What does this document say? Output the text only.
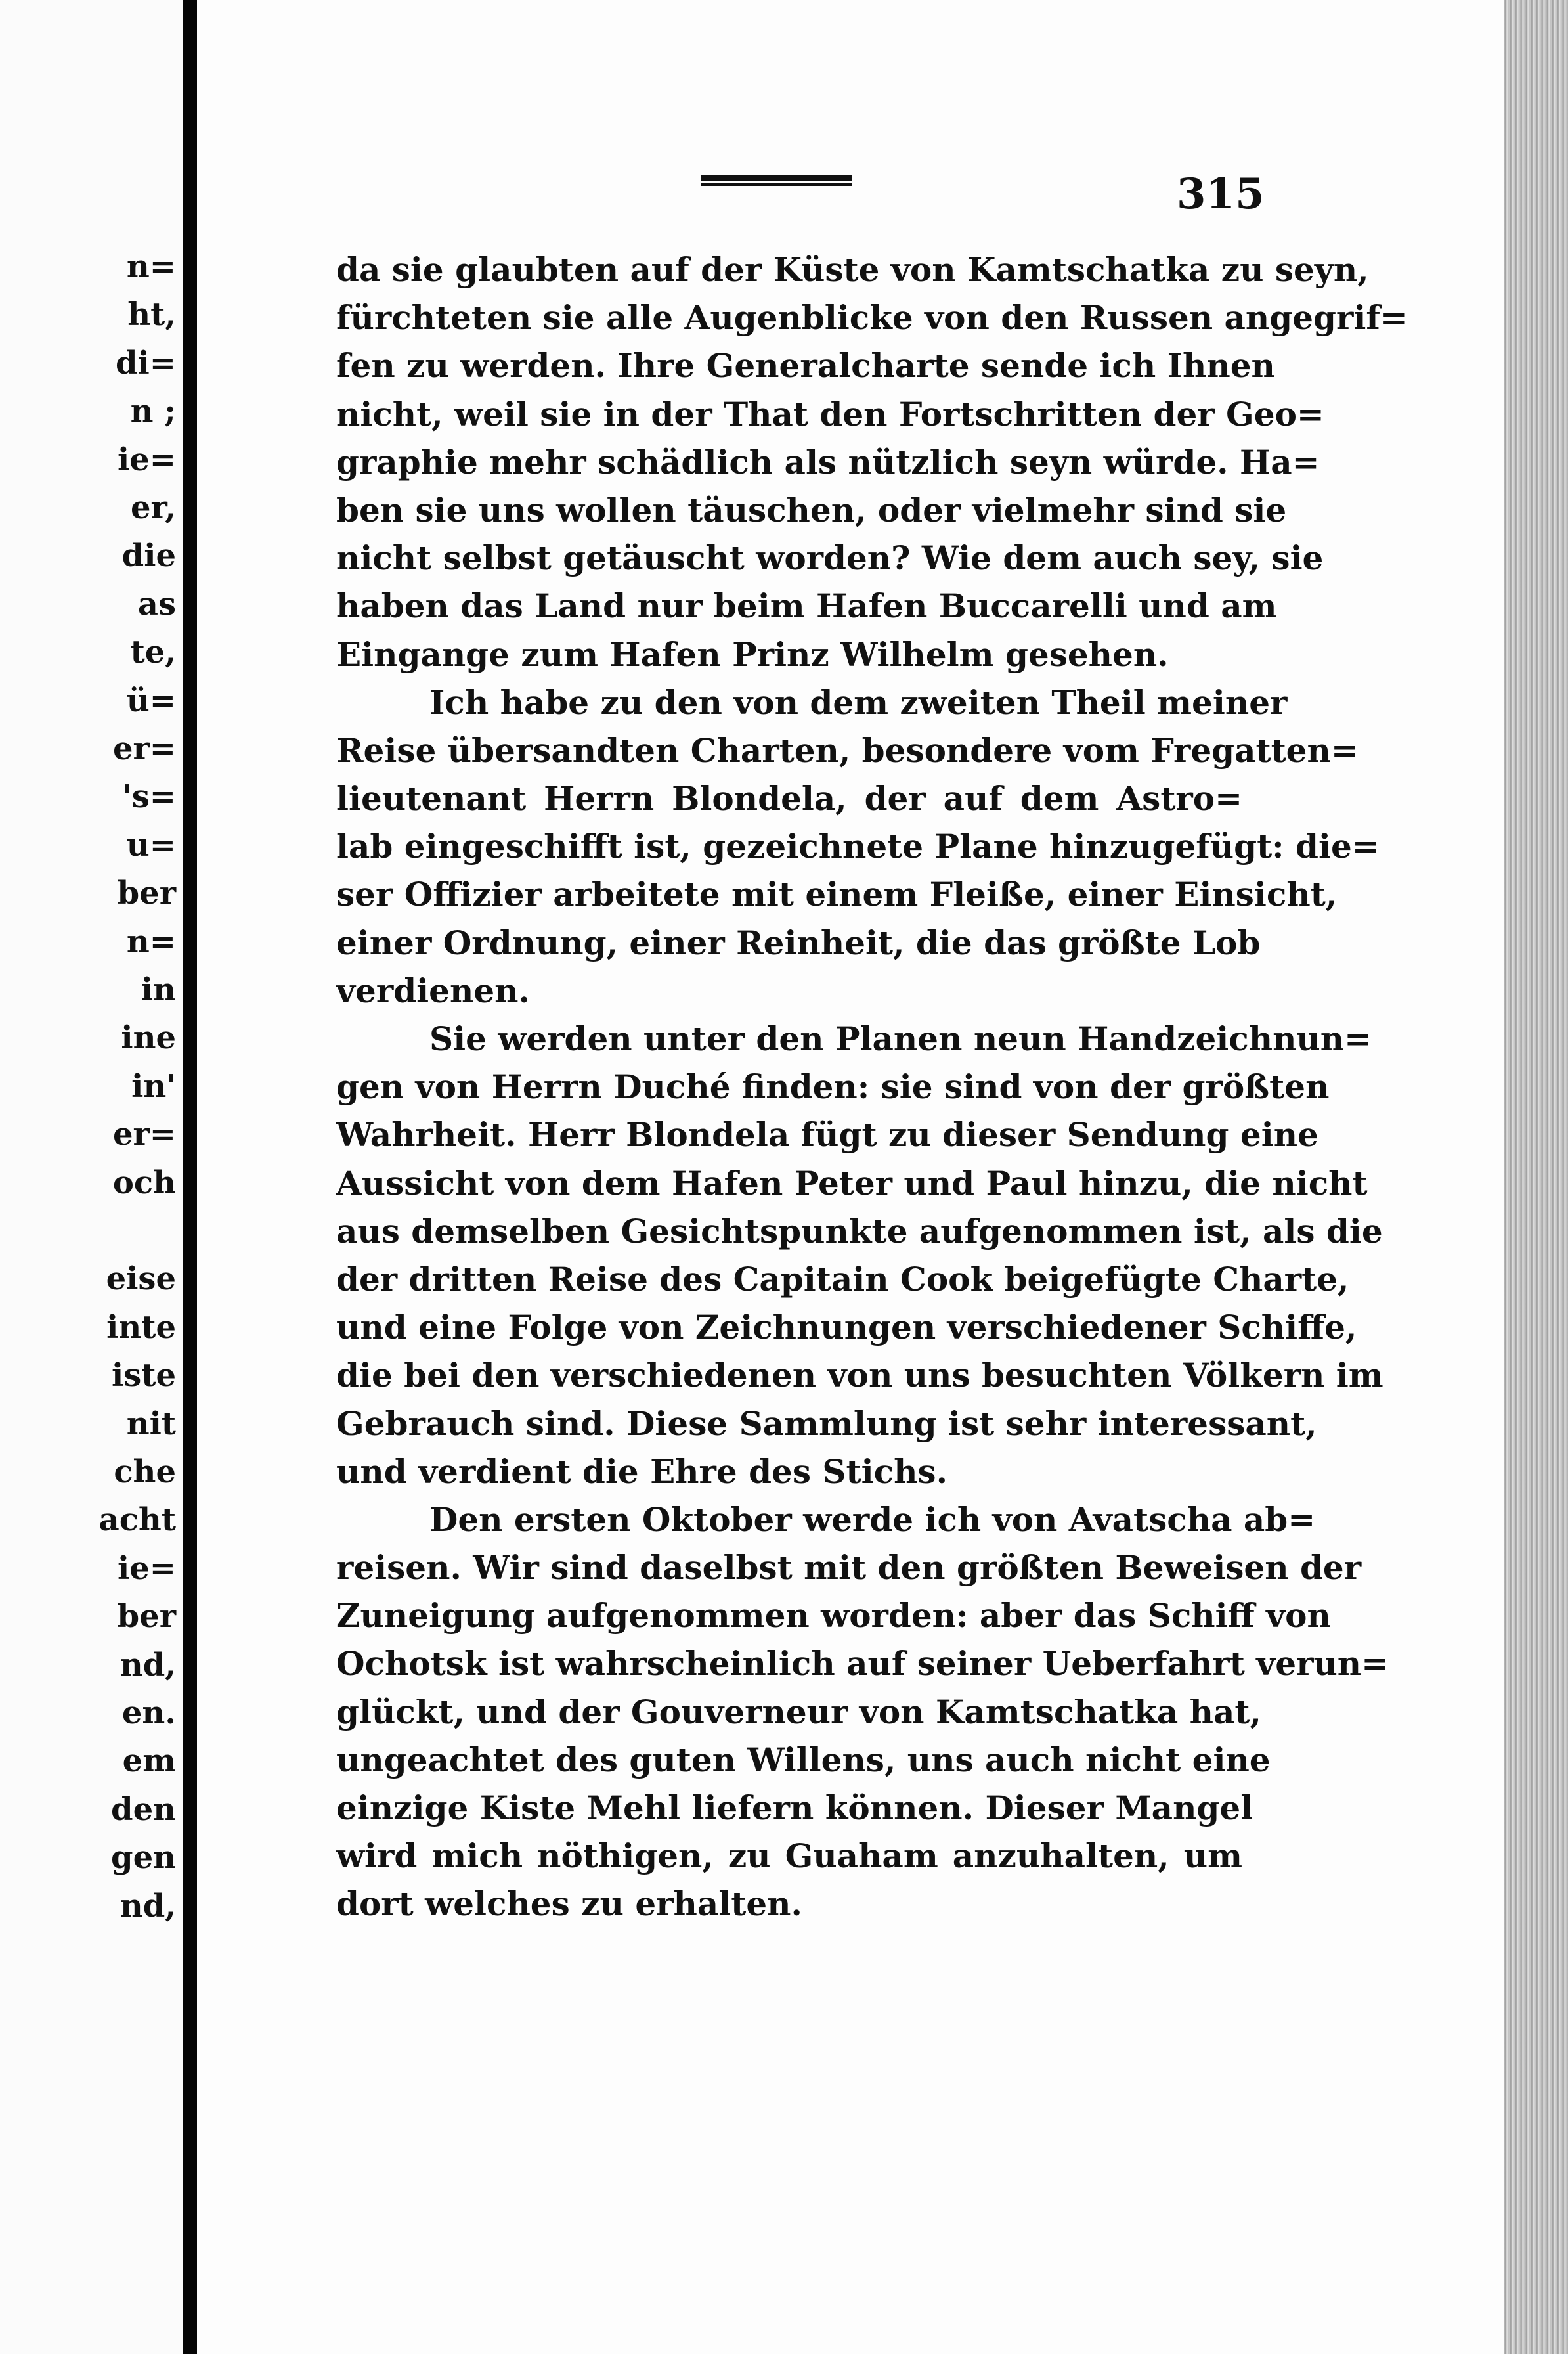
n=
ht,
di=
n ;
ie=
er,
die
as
te,
ü=
er=
's=
u=
ber
n=
in
ine
in'
er=
och
eise
inte
iste
nit
che
acht
ie=
ber
nd,
en.
em
den
gen
nd,
315
da sie glaubten auf der Küste von Kamtschatka zu seyn,
fürchteten sie alle Augenblicke von den Russen angegrif=
fen zu werden. Ihre Generalcharte sende ich Ihnen
nicht, weil sie in der That den Fortschritten der Geo=
graphie mehr schädlich als nützlich seyn würde. Ha=
ben sie uns wollen täuschen, oder vielmehr sind sie
nicht selbst getäuscht worden? Wie dem auch sey, sie
haben das Land nur beim Hafen Buccarelli und am
Eingange zum Hafen Prinz Wilhelm gesehen.
Ich habe zu den von dem zweiten Theil meiner
Reise übersandten Charten, besondere vom Fregatten=
lieutenant Herrn Blondela, der auf dem Astro=
lab eingeschifft ist, gezeichnete Plane hinzugefügt: die=
ser Offizier arbeitete mit einem Fleiße, einer Einsicht,
einer Ordnung, einer Reinheit, die das größte Lob
verdienen.
Sie werden unter den Planen neun Handzeichnun=
gen von Herrn Duché finden: sie sind von der größten
Wahrheit. Herr Blondela fügt zu dieser Sendung eine
Aussicht von dem Hafen Peter und Paul hinzu, die nicht
aus demselben Gesichtspunkte aufgenommen ist, als die
der dritten Reise des Capitain Cook beigefügte Charte,
und eine Folge von Zeichnungen verschiedener Schiffe,
die bei den verschiedenen von uns besuchten Völkern im
Gebrauch sind. Diese Sammlung ist sehr interessant,
und verdient die Ehre des Stichs.
Den ersten Oktober werde ich von Avatscha ab=
reisen. Wir sind daselbst mit den größten Beweisen der
Zuneigung aufgenommen worden: aber das Schiff von
Ochotsk ist wahrscheinlich auf seiner Ueberfahrt verun=
glückt, und der Gouverneur von Kamtschatka hat,
ungeachtet des guten Willens, uns auch nicht eine
einzige Kiste Mehl liefern können. Dieser Mangel
wird mich nöthigen, zu Guaham anzuhalten, um
dort welches zu erhalten.
